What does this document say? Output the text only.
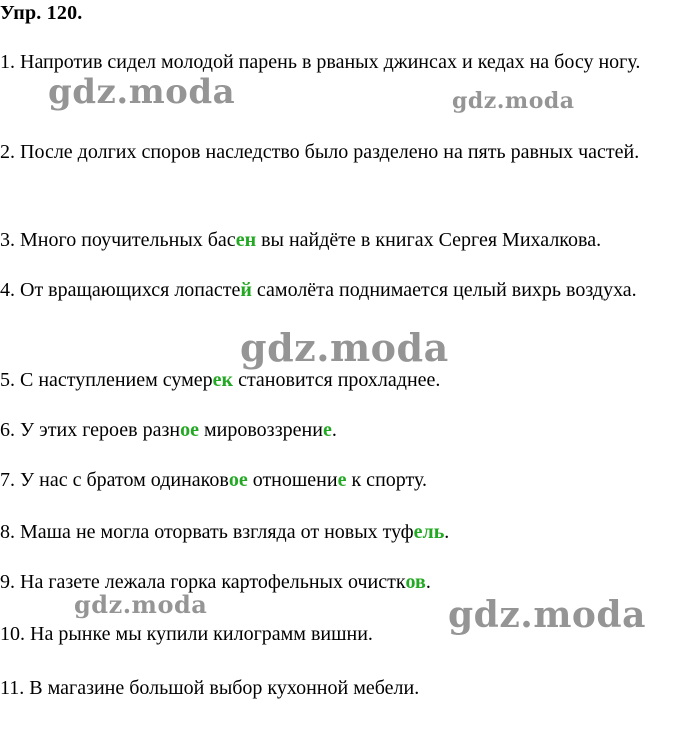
Упр. 120.

1. Напротив сидел молодой парень в рваных джинсах и кедах на босу ногу.

2. После долгих споров наследство было разделено на пять равных частей.

3. Много поучительных басен вы найдёте в книгах Сергея Михалкова.

4. От вращающихся лопастей самолёта поднимается целый вихрь воздуха.

5. С наступлением сумерек становится прохладнее.

6. У этих героев разное мировоззрение.

7. У нас с братом одинаковое отношение к спорту.

8. Маша не могла оторвать взгляда от новых туфель.

9. На газете лежала горка картофельных очистков.

10. На рынке мы купили килограмм вишни.

11. В магазине большой выбор кухонной мебели.

gdz.moda	gdz.moda
gdz.moda
gdz.moda	gdz.moda
